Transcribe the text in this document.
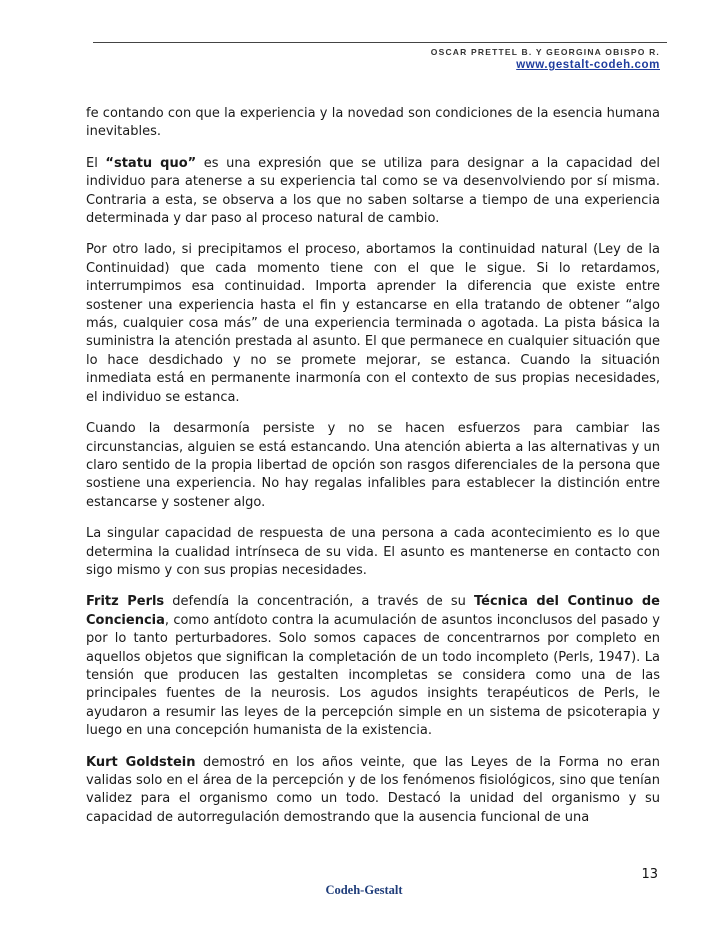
OSCAR PRETTEL B. Y GEORGINA OBISPO R.
www.gestalt-codeh.com

fe contando con que la experiencia y la novedad son condiciones de la esencia humana inevitables.

El “statu quo” es una expresión que se utiliza para designar a la capacidad del individuo para atenerse a su experiencia tal como se va desenvolviendo por sí misma. Contraria a esta, se observa a los que no saben soltarse a tiempo de una experiencia determinada y dar paso al proceso natural de cambio.

Por otro lado, si precipitamos el proceso, abortamos la continuidad natural (Ley de la Continuidad) que cada momento tiene con el que le sigue. Si lo retardamos, interrumpimos esa continuidad. Importa aprender la diferencia que existe entre sostener una experiencia hasta el fin y estancarse en ella tratando de obtener “algo más, cualquier cosa más” de una experiencia terminada o agotada. La pista básica la suministra la atención prestada al asunto. El que permanece en cualquier situación que lo hace desdichado y no se promete mejorar, se estanca. Cuando la situación inmediata está en permanente inarmonía con el contexto de sus propias necesidades, el individuo se estanca.

Cuando la desarmonía persiste y no se hacen esfuerzos para cambiar las circunstancias, alguien se está estancando. Una atención abierta a las alternativas y un claro sentido de la propia libertad de opción son rasgos diferenciales de la persona que sostiene una experiencia. No hay regalas infalibles para establecer la distinción entre estancarse y sostener algo.

La singular capacidad de respuesta de una persona a cada acontecimiento es lo que determina la cualidad intrínseca de su vida. El asunto es mantenerse en contacto con sigo mismo y con sus propias necesidades.

Fritz Perls defendía la concentración, a través de su Técnica del Continuo de Conciencia, como antídoto contra la acumulación de asuntos inconclusos del pasado y por lo tanto perturbadores. Solo somos capaces de concentrarnos por completo en aquellos objetos que significan la completación de un todo incompleto (Perls, 1947). La tensión que producen las gestalten incompletas se considera como una de las principales fuentes de la neurosis. Los agudos insights terapéuticos de Perls, le ayudaron a resumir las leyes de la percepción simple en un sistema de psicoterapia y luego en una concepción humanista de la existencia.

Kurt Goldstein demostró en los años veinte, que las Leyes de la Forma no eran validas solo en el área de la percepción y de los fenómenos fisiológicos, sino que tenían validez para el organismo como un todo. Destacó la unidad del organismo y su capacidad de autorregulación demostrando que la ausencia funcional de una

13
Codeh-Gestalt
